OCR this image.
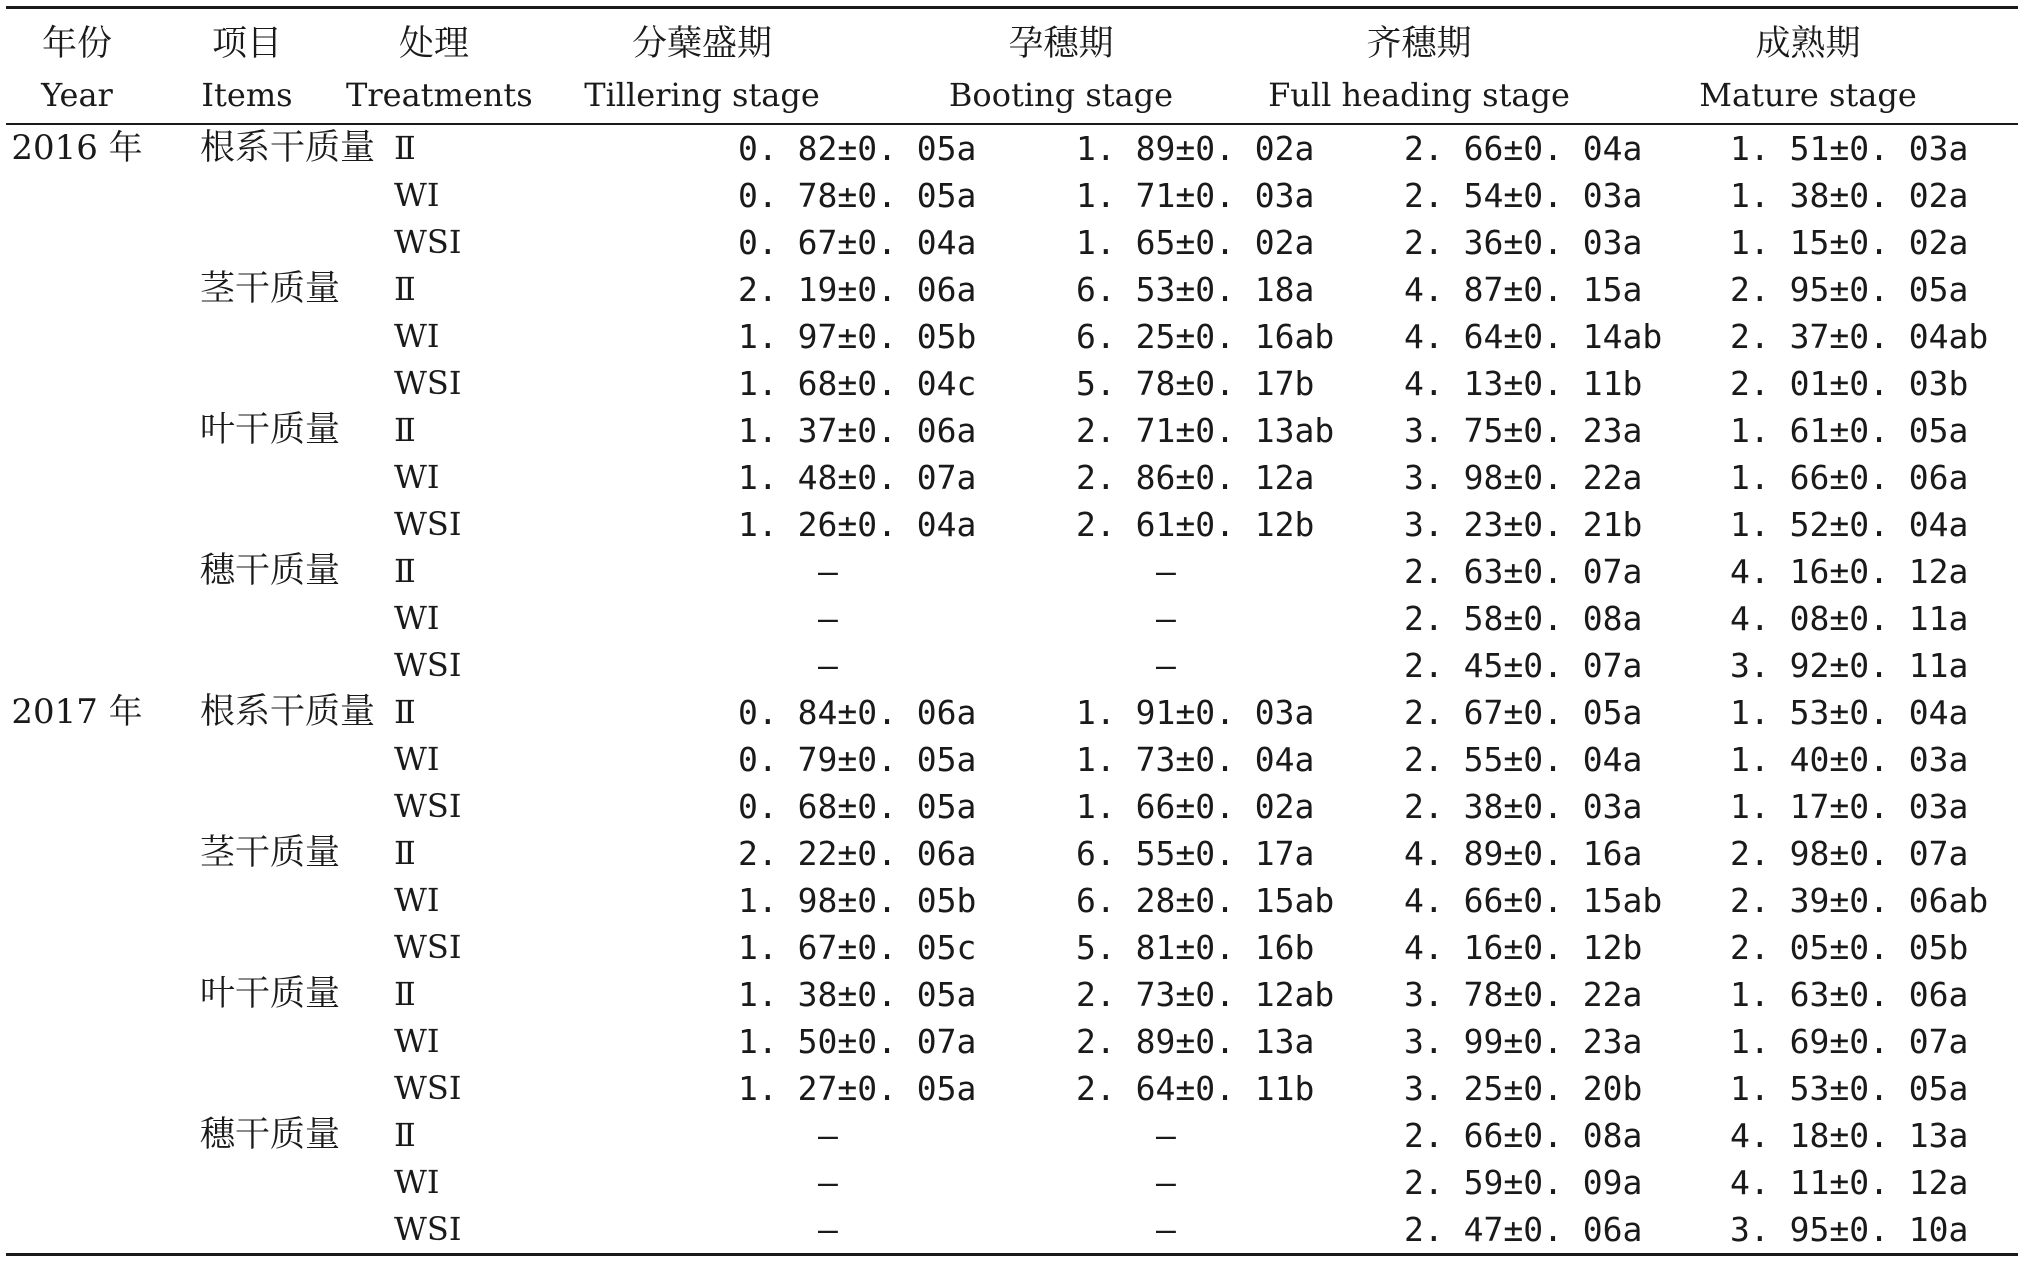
年份	项目	处理	分蘖盛期	孕穗期	齐穗期	成熟期
Year	Items	Treatments	Tillering stage	Booting stage	Full heading stage	Mature stage
2016 年	根系干质量	Ⅱ	0. 82±0. 05a	1. 89±0. 02a	2. 66±0. 04a	1. 51±0. 03a
		WI	0. 78±0. 05a	1. 71±0. 03a	2. 54±0. 03a	1. 38±0. 02a
		WSI	0. 67±0. 04a	1. 65±0. 02a	2. 36±0. 03a	1. 15±0. 02a
	茎干质量	Ⅱ	2. 19±0. 06a	6. 53±0. 18a	4. 87±0. 15a	2. 95±0. 05a
		WI	1. 97±0. 05b	6. 25±0. 16ab	4. 64±0. 14ab	2. 37±0. 04ab
		WSI	1. 68±0. 04c	5. 78±0. 17b	4. 13±0. 11b	2. 01±0. 03b
	叶干质量	Ⅱ	1. 37±0. 06a	2. 71±0. 13ab	3. 75±0. 23a	1. 61±0. 05a
		WI	1. 48±0. 07a	2. 86±0. 12a	3. 98±0. 22a	1. 66±0. 06a
		WSI	1. 26±0. 04a	2. 61±0. 12b	3. 23±0. 21b	1. 52±0. 04a
	穗干质量	Ⅱ	–	–	2. 63±0. 07a	4. 16±0. 12a
		WI	–	–	2. 58±0. 08a	4. 08±0. 11a
		WSI	–	–	2. 45±0. 07a	3. 92±0. 11a
2017 年	根系干质量	Ⅱ	0. 84±0. 06a	1. 91±0. 03a	2. 67±0. 05a	1. 53±0. 04a
		WI	0. 79±0. 05a	1. 73±0. 04a	2. 55±0. 04a	1. 40±0. 03a
		WSI	0. 68±0. 05a	1. 66±0. 02a	2. 38±0. 03a	1. 17±0. 03a
	茎干质量	Ⅱ	2. 22±0. 06a	6. 55±0. 17a	4. 89±0. 16a	2. 98±0. 07a
		WI	1. 98±0. 05b	6. 28±0. 15ab	4. 66±0. 15ab	2. 39±0. 06ab
		WSI	1. 67±0. 05c	5. 81±0. 16b	4. 16±0. 12b	2. 05±0. 05b
	叶干质量	Ⅱ	1. 38±0. 05a	2. 73±0. 12ab	3. 78±0. 22a	1. 63±0. 06a
		WI	1. 50±0. 07a	2. 89±0. 13a	3. 99±0. 23a	1. 69±0. 07a
		WSI	1. 27±0. 05a	2. 64±0. 11b	3. 25±0. 20b	1. 53±0. 05a
	穗干质量	Ⅱ	–	–	2. 66±0. 08a	4. 18±0. 13a
		WI	–	–	2. 59±0. 09a	4. 11±0. 12a
		WSI	–	–	2. 47±0. 06a	3. 95±0. 10a
